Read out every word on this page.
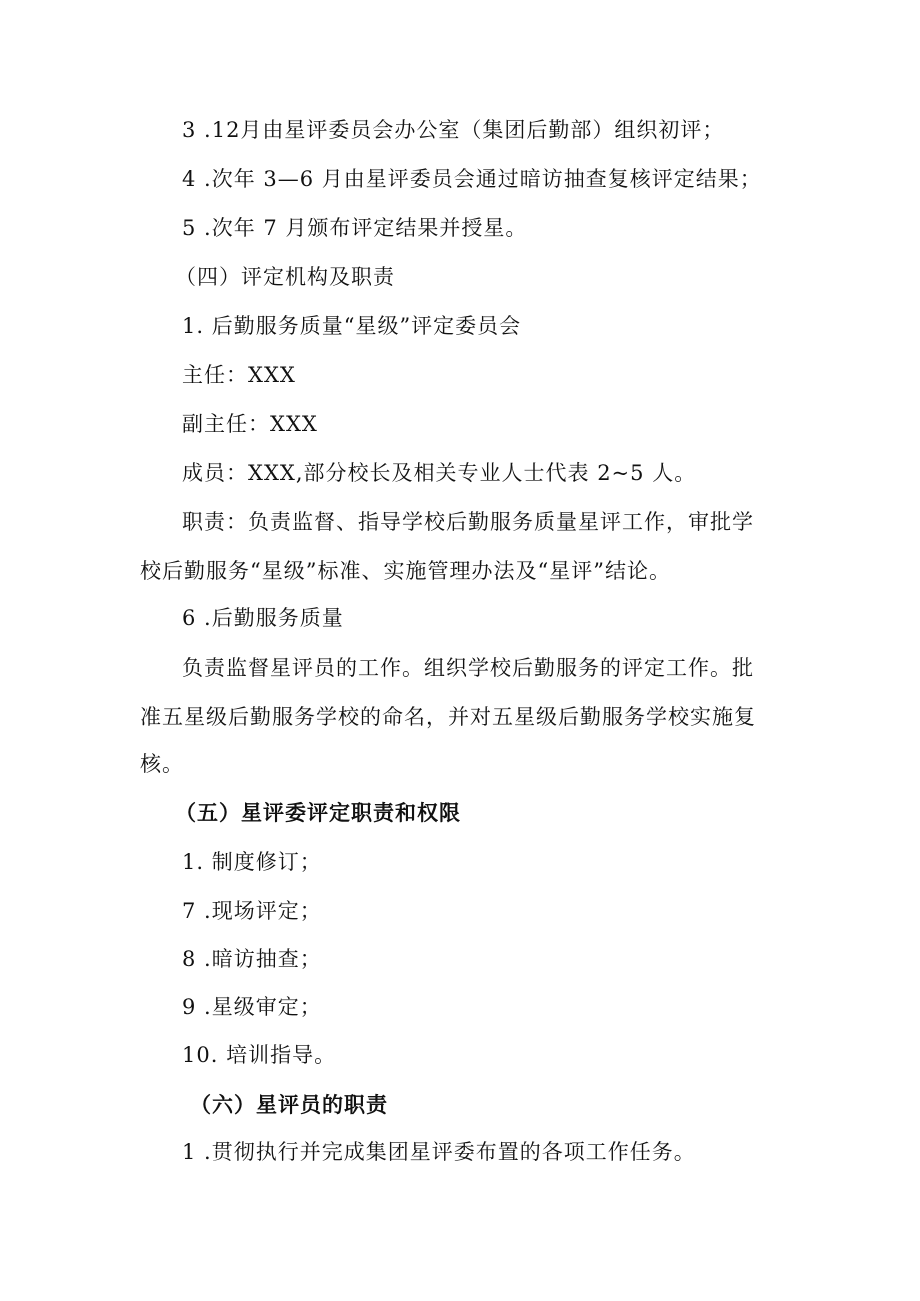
3 .12月由星评委员会办公室（集团后勤部）组织初评；
4 .次年 3—6 月由星评委员会通过暗访抽查复核评定结果；
5 .次年 7 月颁布评定结果并授星。
（四）评定机构及职责
1. 后勤服务质量“星级”评定委员会
主任：XXX
副主任：XXX
成员：XXX,部分校长及相关专业人士代表 2~5 人。
职责：负责监督、指导学校后勤服务质量星评工作，审批学
校后勤服务“星级”标准、实施管理办法及“星评”结论。
6 .后勤服务质量
负责监督星评员的工作。组织学校后勤服务的评定工作。批
准五星级后勤服务学校的命名，并对五星级后勤服务学校实施复
核。
（五）星评委评定职责和权限
1. 制度修订；
7 .现场评定；
8 .暗访抽查；
9 .星级审定；
10. 培训指导。
（六）星评员的职责
1 .贯彻执行并完成集团星评委布置的各项工作任务。
